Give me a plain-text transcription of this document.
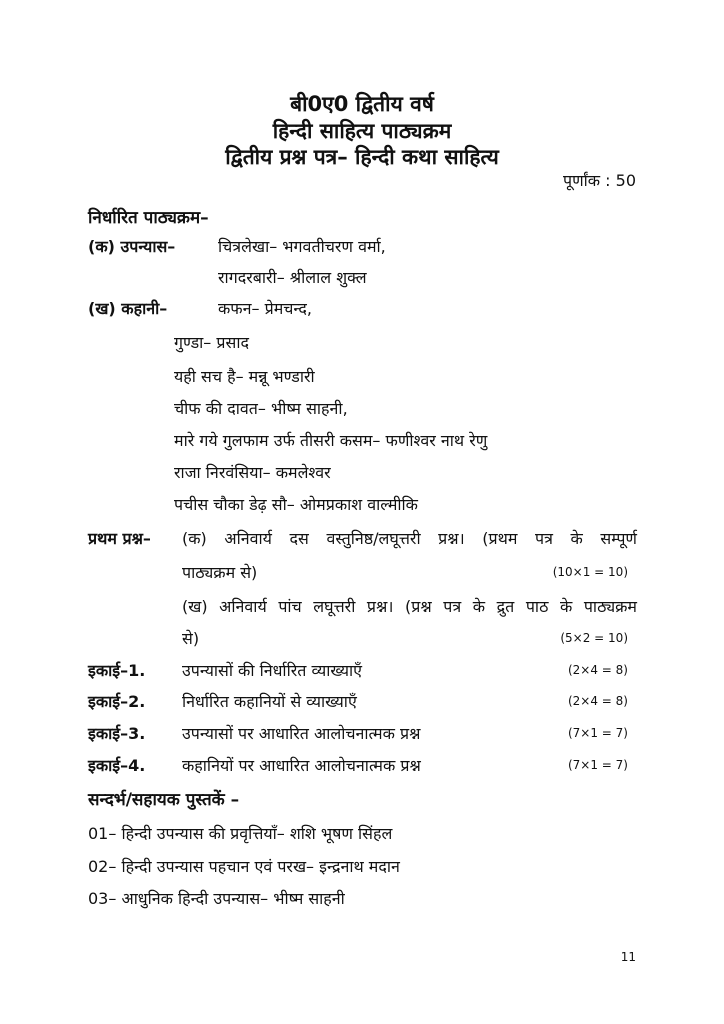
बी0ए0 द्वितीय वर्ष
हिन्दी साहित्य पाठ्यक्रम
द्वितीय प्रश्न पत्र– हिन्दी कथा साहित्य
पूर्णांक : 50
निर्धारित पाठ्यक्रम–
(क) उपन्यास–	चित्रलेखा– भगवतीचरण वर्मा,
रागदरबारी– श्रीलाल शुक्ल
(ख) कहानी–	कफन– प्रेमचन्द,
गुण्डा– प्रसाद
यही सच है– मन्नू भण्डारी
चीफ की दावत– भीष्म साहनी,
मारे गये गुलफाम उर्फ तीसरी कसम– फणीश्वर नाथ रेणु
राजा निरवंसिया– कमलेश्वर
पचीस चौका डेढ़ सौ– ओमप्रकाश वाल्मीकि
प्रथम प्रश्न– (क) अनिवार्य दस वस्तुनिष्ठ/लघूत्तरी प्रश्न। (प्रथम पत्र के सम्पूर्ण
पाठ्यक्रम से)	(10×1 = 10)
(ख) अनिवार्य पांच लघूत्तरी प्रश्न। (प्रश्न पत्र के द्रुत पाठ के पाठ्यक्रम
से)	(5×2 = 10)
इकाई–1. उपन्यासों की निर्धारित व्याख्याएँ	(2×4 = 8)
इकाई–2. निर्धारित कहानियों से व्याख्याएँ	(2×4 = 8)
इकाई–3. उपन्यासों पर आधारित आलोचनात्मक प्रश्न	(7×1 = 7)
इकाई–4. कहानियों पर आधारित आलोचनात्मक प्रश्न	(7×1 = 7)
सन्दर्भ/सहायक पुस्तकें –
01– हिन्दी उपन्यास की प्रवृत्तियाँ– शशि भूषण सिंहल
02– हिन्दी उपन्यास पहचान एवं परख– इन्द्रनाथ मदान
03– आधुनिक हिन्दी उपन्यास– भीष्म साहनी
11
